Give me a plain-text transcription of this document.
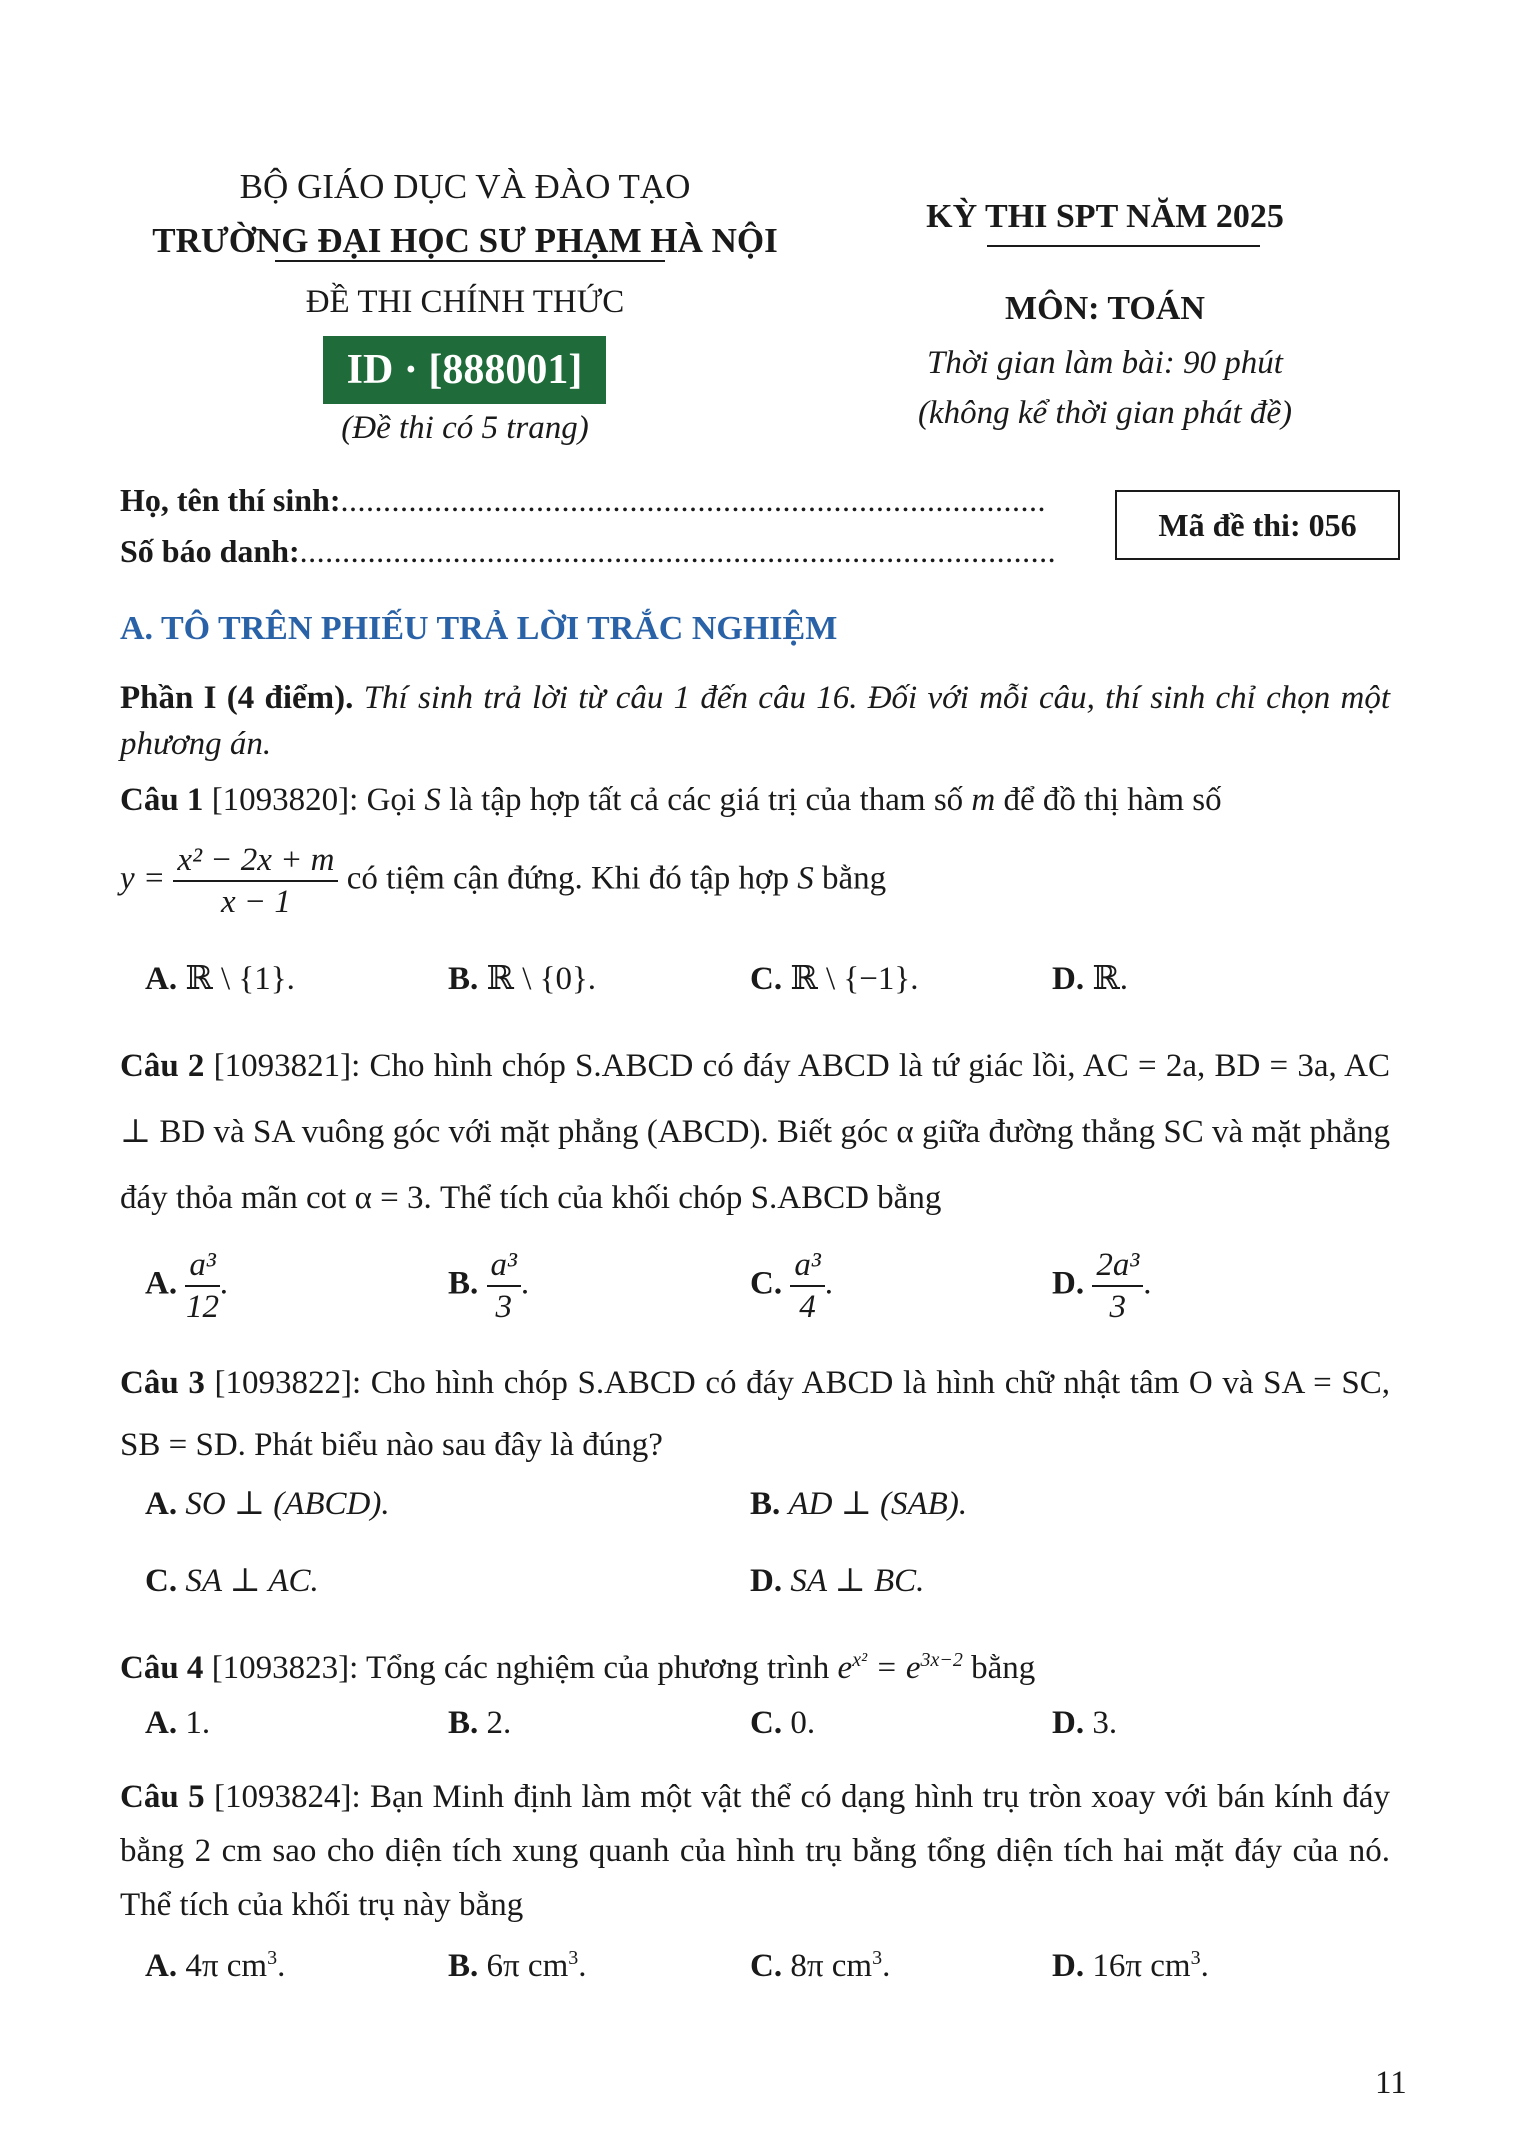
BỘ GIÁO DỤC VÀ ĐÀO TẠO
TRƯỜNG ĐẠI HỌC SƯ PHẠM HÀ NỘI
ĐỀ THI CHÍNH THỨC
ID · [888001]
(Đề thi có 5 trang)
KỲ THI SPT NĂM 2025
MÔN: TOÁN
Thời gian làm bài: 90 phút
(không kể thời gian phát đề)
Họ, tên thí sinh:...................................................................................
Số báo danh:.........................................................................................
Mã đề thi: 056
A. TÔ TRÊN PHIẾU TRẢ LỜI TRẮC NGHIỆM
Phần I (4 điểm). Thí sinh trả lời từ câu 1 đến câu 16. Đối với mỗi câu, thí sinh chỉ chọn một phương án.
Câu 1 [1093820]: Gọi S là tập hợp tất cả các giá trị của tham số m để đồ thị hàm số
$y = \frac{\text{x² − 2x + m}}{x - 1}$ có tiệm cận đứng. Khi đó tập hợp S bằng
A. ℝ \ {1}.	B. ℝ \ {0}.	C. ℝ \ {−1}.	D. ℝ.
Câu 2 [1093821]: Cho hình chóp S.ABCD có đáy ABCD là tứ giác lồi, AC = 2a, BD = 3a, AC ⊥ BD và SA vuông góc với mặt phẳng (ABCD). Biết góc α giữa đường thẳng SC và mặt phẳng đáy thỏa mãn cot α = 3. Thể tích của khối chóp S.ABCD bằng
A. $\frac{\text{a³}}{12}$ .	B. $\frac{\text{a³}}{3}$ .	C. $\frac{\text{a³}}{4}$ .	D. $\frac{\text{2a³}}{3}$ .
Câu 3 [1093822]: Cho hình chóp S.ABCD có đáy ABCD là hình chữ nhật tâm O và SA = SC, SB = SD. Phát biểu nào sau đây là đúng?
A. SO ⊥ (ABCD).	B. AD ⊥ (SAB).
C. SA ⊥ AC.	D. SA ⊥ BC.
Câu 4 [1093823]: Tổng các nghiệm của phương trình $e^{x^2} = e^{3x-2}$ bằng
A. 1.	B. 2.	C. 0.	D. 3.
Câu 5 [1093824]: Bạn Minh định làm một vật thể có dạng hình trụ tròn xoay với bán kính đáy bằng 2 cm sao cho diện tích xung quanh của hình trụ bằng tổng diện tích hai mặt đáy của nó. Thể tích của khối trụ này bằng
A. 4π $cm^3$.	B. 6π $cm^3$.	C. 8π $cm^3$.	D. 16π $cm^3$.
11
